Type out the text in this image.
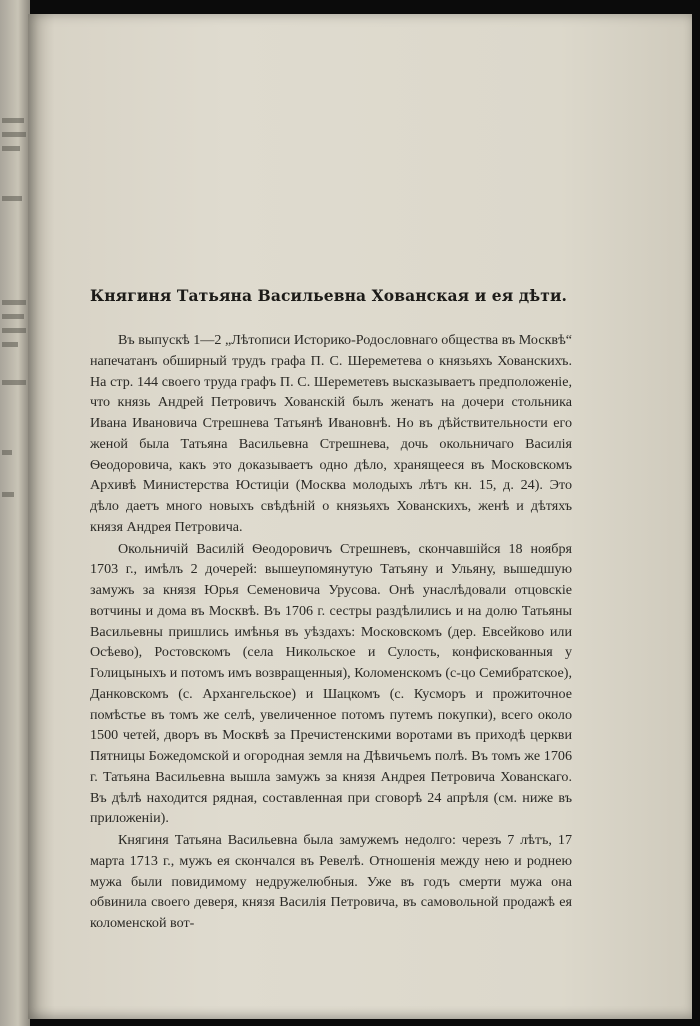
Княгиня Татьяна Васильевна Хованская и ея дѣти.

Въ выпускѣ 1—2 „Лѣтописи Историко-Родословнаго общества въ Москвѣ“ напечатанъ обширный трудъ графа П. С. Шереметева о князьяхъ Хованскихъ. На стр. 144 своего труда графъ П. С. Шереметевъ высказываетъ предположеніе, что князь Андрей Петровичъ Хованскій былъ женатъ на дочери стольника Ивана Ивановича Стрешнева Татьянѣ Ивановнѣ. Но въ дѣйствительности его женой была Татьяна Васильевна Стрешнева, дочь окольничаго Василія Ѳеодоровича, какъ это доказываетъ одно дѣло, хранящееся въ Московскомъ Архивѣ Министерства Юстиціи (Москва молодыхъ лѣтъ кн. 15, д. 24). Это дѣло даетъ много новыхъ свѣдѣній о князьяхъ Хованскихъ, женѣ и дѣтяхъ князя Андрея Петровича.

Окольничій Василій Ѳеодоровичъ Стрешневъ, скончавшійся 18 ноября 1703 г., имѣлъ 2 дочерей: вышеупомянутую Татьяну и Ульяну, вышедшую замужъ за князя Юрья Семеновича Урусова. Онѣ унаслѣдовали отцовскіе вотчины и дома въ Москвѣ. Въ 1706 г. сестры раздѣлились и на долю Татьяны Васильевны пришлись имѣнья въ уѣздахъ: Московскомъ (дер. Евсейково или Осѣево), Ростовскомъ (села Никольское и Сулость, конфискованныя у Голицыныхъ и потомъ имъ возвращенныя), Коломенскомъ (с-цо Семибратское), Данковскомъ (с. Архангельское) и Шацкомъ (с. Кусморъ и прожиточное помѣстье въ томъ же селѣ, увеличенное потомъ путемъ покупки), всего около 1500 четей, дворъ въ Москвѣ за Пречистенскими воротами въ приходѣ церкви Пятницы Божедомской и огородная земля на Дѣвичьемъ полѣ. Въ томъ же 1706 г. Татьяна Васильевна вышла замужъ за князя Андрея Петровича Хованскаго. Въ дѣлѣ находится рядная, составленная при сговорѣ 24 апрѣля (см. ниже въ приложеніи).

Княгиня Татьяна Васильевна была замужемъ недолго: черезъ 7 лѣтъ, 17 марта 1713 г., мужъ ея скончался въ Ревелѣ. Отношенія между нею и роднею мужа были повидимому недружелюбныя. Уже въ годъ смерти мужа она обвинила своего деверя, князя Василія Петровича, въ самовольной продажѣ ея коломенской вот-
